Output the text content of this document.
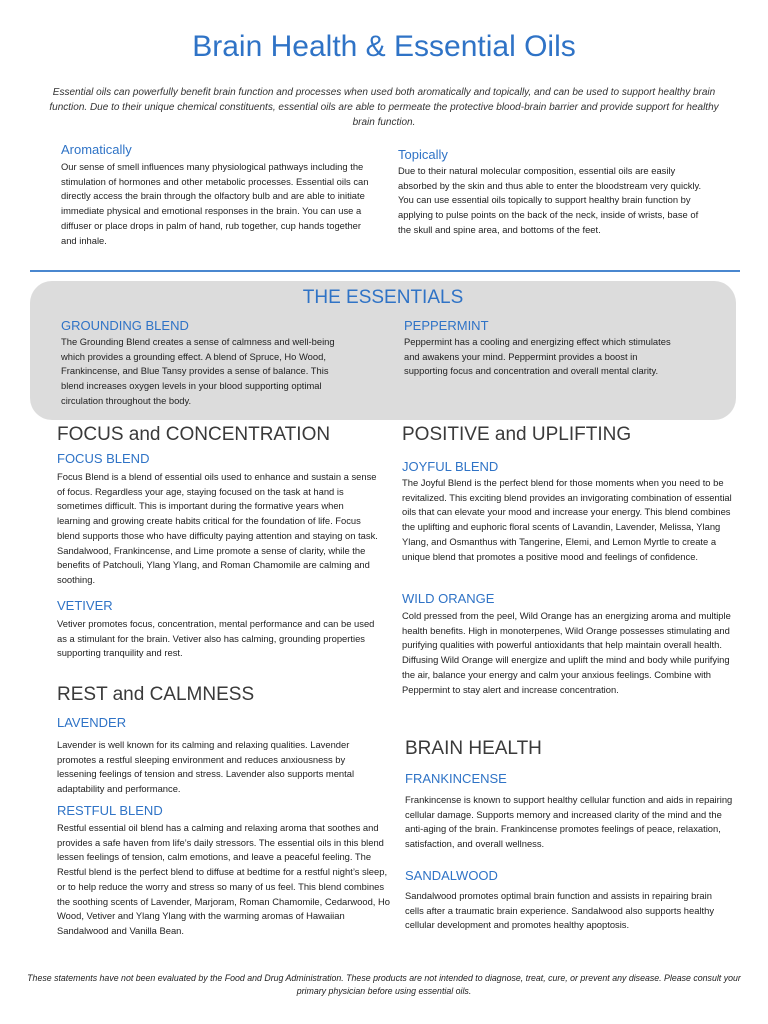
Brain Health & Essential Oils
Essential oils can powerfully benefit brain function and processes when used both aromatically and topically, and can be used to support healthy brain function. Due to their unique chemical constituents, essential oils are able to permeate the protective blood-brain barrier and provide support for healthy brain function.
Aromatically
Our sense of smell influences many physiological pathways including the stimulation of hormones and other metabolic processes. Essential oils can directly access the brain through the olfactory bulb and are able to initiate immediate physical and emotional responses in the brain. You can use a diffuser or place drops in palm of hand, rub together, cup hands together and inhale.
Topically
Due to their natural molecular composition, essential oils are easily absorbed by the skin and thus able to enter the bloodstream very quickly. You can use essential oils topically to support healthy brain function by applying to pulse points on the back of the neck, inside of wrists, base of the skull and spine area, and bottoms of the feet.
THE ESSENTIALS
GROUNDING BLEND
The Grounding Blend creates a sense of calmness and well-being which provides a grounding effect. A blend of Spruce, Ho Wood, Frankincense, and Blue Tansy provides a sense of balance. This blend increases oxygen levels in your blood supporting optimal circulation throughout the body.
PEPPERMINT
Peppermint has a cooling and energizing effect which stimulates and awakens your mind. Peppermint provides a boost in supporting focus and concentration and overall mental clarity.
FOCUS and CONCENTRATION
FOCUS BLEND
Focus Blend is a blend of essential oils used to enhance and sustain a sense of focus. Regardless your age, staying focused on the task at hand is sometimes difficult. This is important during the formative years when learning and growing create habits critical for the foundation of life. Focus blend supports those who have difficulty paying attention and staying on task. Sandalwood, Frankincense, and Lime promote a sense of clarity, while the benefits of Patchouli, Ylang Ylang, and Roman Chamomile are calming and soothing.
VETIVER
Vetiver promotes focus, concentration, mental performance and can be used as a stimulant for the brain. Vetiver also has calming, grounding properties supporting tranquility and rest.
REST and CALMNESS
LAVENDER
Lavender is well known for its calming and relaxing qualities. Lavender promotes a restful sleeping environment and reduces anxiousness by lessening feelings of tension and stress. Lavender also supports mental adaptability and performance.
RESTFUL BLEND
Restful essential oil blend has a calming and relaxing aroma that soothes and provides a safe haven from life’s daily stressors. The essential oils in this blend lessen feelings of tension, calm emotions, and leave a peaceful feeling. The Restful blend is the perfect blend to diffuse at bedtime for a restful night’s sleep, or to help reduce the worry and stress so many of us feel. This blend combines the soothing scents of Lavender, Marjoram, Roman Chamomile, Cedarwood, Ho Wood, Vetiver and Ylang Ylang with the warming aromas of Hawaiian Sandalwood and Vanilla Bean.
POSITIVE and UPLIFTING
JOYFUL BLEND
The Joyful Blend is the perfect blend for those moments when you need to be revitalized. This exciting blend provides an invigorating combination of essential oils that can elevate your mood and increase your energy. This blend combines the uplifting and euphoric floral scents of Lavandin, Lavender, Melissa, Ylang Ylang, and Osmanthus with Tangerine, Elemi, and Lemon Myrtle to create a unique blend that promotes a positive mood and feelings of confidence.
WILD ORANGE
Cold pressed from the peel, Wild Orange has an energizing aroma and multiple health benefits. High in monoterpenes, Wild Orange possesses stimulating and purifying qualities with powerful antioxidants that help maintain overall health. Diffusing Wild Orange will energize and uplift the mind and body while purifying the air, balance your energy and calm your anxious feelings. Combine with Peppermint to stay alert and increase concentration.
BRAIN HEALTH
FRANKINCENSE
Frankincense is known to support healthy cellular function and aids in repairing cellular damage. Supports memory and increased clarity of the mind and the anti-aging of the brain. Frankincense promotes feelings of peace, relaxation, satisfaction, and overall wellness.
SANDALWOOD
Sandalwood promotes optimal brain function and assists in repairing brain cells after a traumatic brain experience. Sandalwood also supports healthy cellular development and promotes healthy apoptosis.
These statements have not been evaluated by the Food and Drug Administration. These products are not intended to diagnose, treat, cure, or prevent any disease. Please consult your primary physician before using essential oils.
